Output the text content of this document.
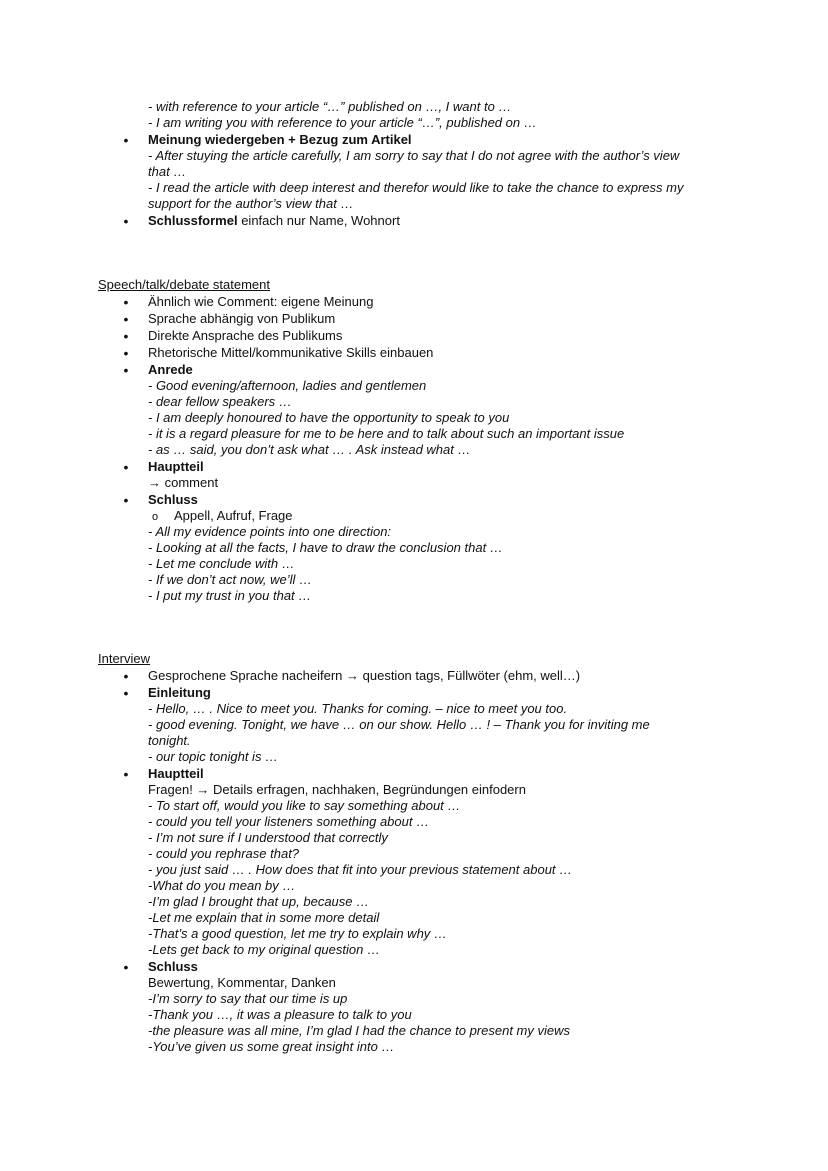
- with reference to your article “…” published on …, I want to …
- I am writing you with reference to your article “…”, published on …
•
Meinung wiedergeben + Bezug zum Artikel
- After stuying the article carefully, I am sorry to say that I do not agree with the author’s view
that …
- I read the article with deep interest and therefor would like to take the chance to express my
support for the author’s view that …
•
Schlussformel einfach nur Name, Wohnort
Speech/talk/debate statement
•
•
•
•
Ähnlich wie Comment: eigene Meinung
Sprache abhängig von Publikum
Direkte Ansprache des Publikums
Rhetorische Mittel/kommunikative Skills einbauen
•
Anrede
- Good evening/afternoon, ladies and gentlemen
- dear fellow speakers …
- I am deeply honoured to have the opportunity to speak to you
- it is a regard pleasure for me to be here and to talk about such an important issue
- as … said, you don’t ask what … . Ask instead what …
•
Hauptteil
→ comment
•
o
Schluss
Appell, Aufruf, Frage
- All my evidence points into one direction:
- Looking at all the facts, I have to draw the conclusion that …
- Let me conclude with …
- If we don’t act now, we’ll …
- I put my trust in you that …
Interview
•
Gesprochene Sprache nacheifern → question tags, Füllwöter (ehm, well…)
•
Einleitung
- Hello, … . Nice to meet you. Thanks for coming. – nice to meet you too.
- good evening. Tonight, we have … on our show. Hello … ! – Thank you for inviting me
tonight.
- our topic tonight is …
•
Hauptteil
Fragen! → Details erfragen, nachhaken, Begründungen einfodern
- To start off, would you like to say something about …
- could you tell your listeners something about …
- I’m not sure if I understood that correctly
- could you rephrase that?
- you just said … . How does that fit into your previous statement about …
-What do you mean by …
-I’m glad I brought that up, because …
-Let me explain that in some more detail
-That’s a good question, let me try to explain why …
-Lets get back to my original question …
•
Schluss
Bewertung, Kommentar, Danken
-I’m sorry to say that our time is up
-Thank you …, it was a pleasure to talk to you
-the pleasure was all mine, I’m glad I had the chance to present my views
-You’ve given us some great insight into …
